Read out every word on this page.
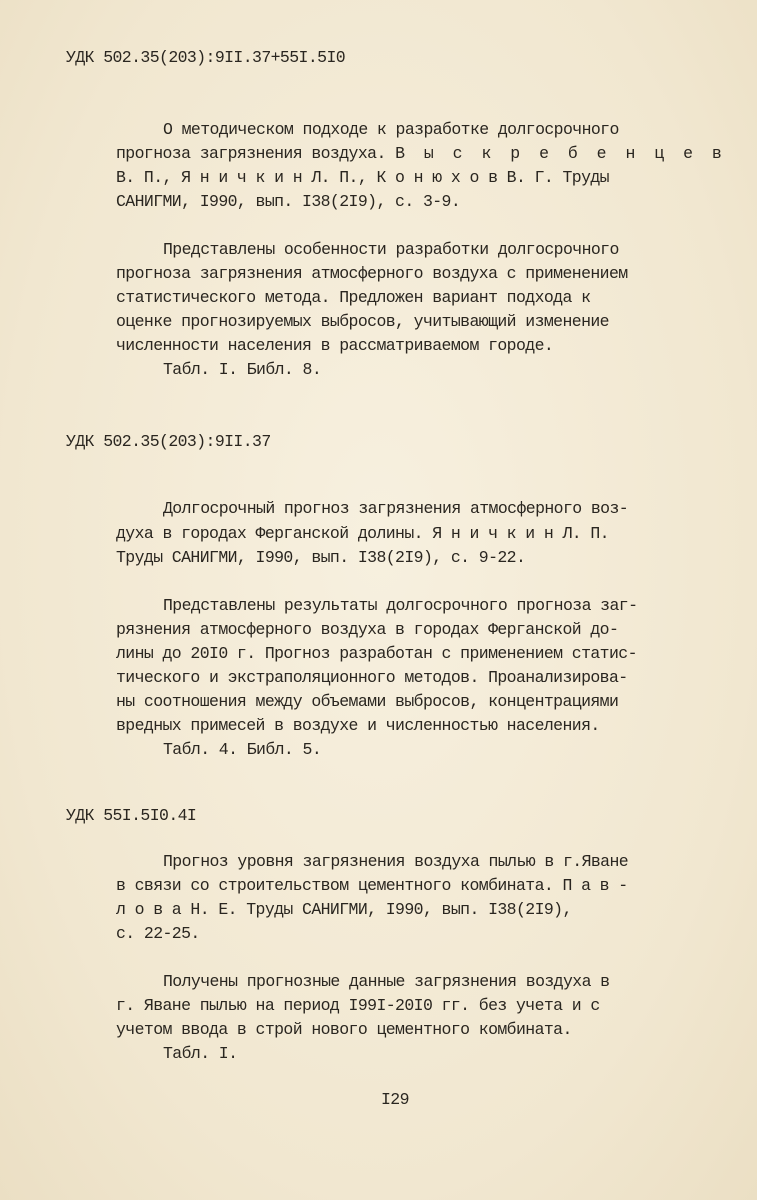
УДК 502.35(203):9II.37+55I.5I0
О методическом подходе к разработке долгосрочного
прогноза загрязнения воздуха. В ы с к р е б е н ц е в
В. П., Я н и ч к и н Л. П., К о н ю х о в В. Г. Труды
САНИГМИ, I990, вып. I38(2I9), с. 3-9.
Представлены особенности разработки долгосрочного
прогноза загрязнения атмосферного воздуха с применением
статистического метода. Предложен вариант подхода к
оценке прогнозируемых выбросов, учитывающий изменение
численности населения в рассматриваемом городе.
Табл. I. Библ. 8.
УДК 502.35(203):9II.37
Долгосрочный прогноз загрязнения атмосферного воз-
духа в городах Ферганской долины. Я н и ч к и н Л. П.
Труды САНИГМИ, I990, вып. I38(2I9), с. 9-22.
Представлены результаты долгосрочного прогноза заг-
рязнения атмосферного воздуха в городах Ферганской до-
лины до 20I0 г. Прогноз разработан с применением статис-
тического и экстраполяционного методов. Проанализирова-
ны соотношения между объемами выбросов, концентрациями
вредных примесей в воздухе и численностью населения.
Табл. 4. Библ. 5.
УДК 55I.5I0.4I
Прогноз уровня загрязнения воздуха пылью в г.Яване
в связи со строительством цементного комбината. П а в -
л о в а Н. Е. Труды САНИГМИ, I990, вып. I38(2I9),
с. 22-25.
Получены прогнозные данные загрязнения воздуха в
г. Яване пылью на период I99I-20I0 гг. без учета и с
учетом ввода в строй нового цементного комбината.
Табл. I.
I29
